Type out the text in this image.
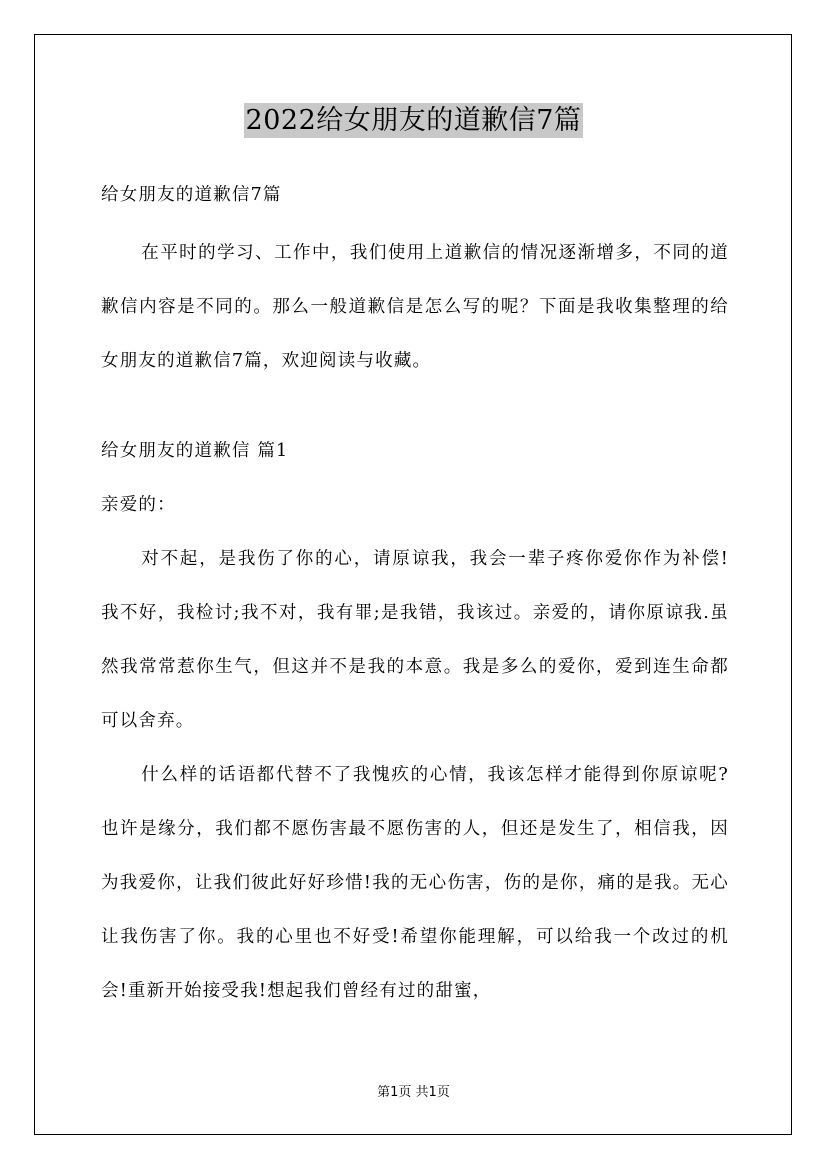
2022给女朋友的道歉信7篇

给女朋友的道歉信7篇

在平时的学习、工作中，我们使用上道歉信的情况逐渐增多，不同的道歉信内容是不同的。那么一般道歉信是怎么写的呢？下面是我收集整理的给女朋友的道歉信7篇，欢迎阅读与收藏。

给女朋友的道歉信 篇1

亲爱的：

对不起，是我伤了你的心，请原谅我，我会一辈子疼你爱你作为补偿!我不好，我检讨;我不对，我有罪;是我错，我该过。亲爱的，请你原谅我.虽然我常常惹你生气，但这并不是我的本意。我是多么的爱你，爱到连生命都可以舍弃。

什么样的话语都代替不了我愧疚的心情，我该怎样才能得到你原谅呢?也许是缘分，我们都不愿伤害最不愿伤害的人，但还是发生了，相信我，因为我爱你，让我们彼此好好珍惜!我的无心伤害，伤的是你，痛的是我。无心让我伤害了你。我的心里也不好受!希望你能理解，可以给我一个改过的机会!重新开始接受我!想起我们曾经有过的甜蜜，

第1页 共1页
